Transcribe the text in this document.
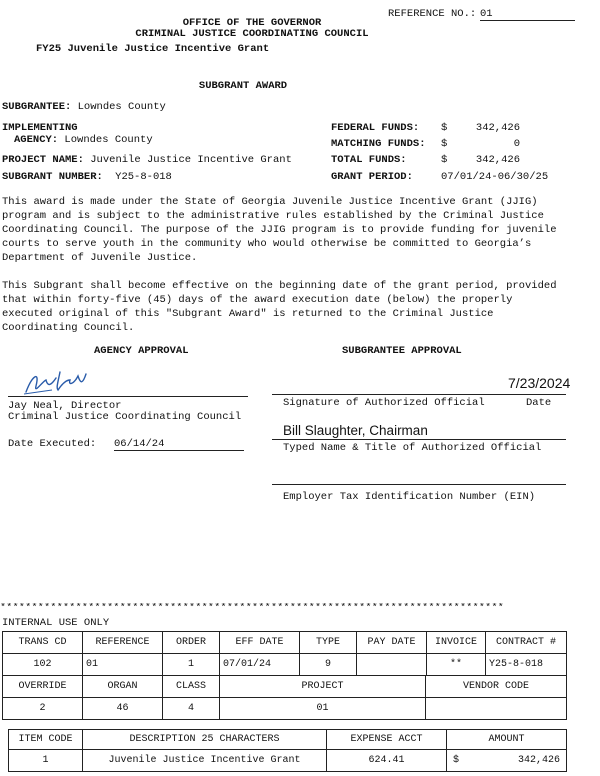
REFERENCE NO.: 01
OFFICE OF THE GOVERNOR
CRIMINAL JUSTICE COORDINATING COUNCIL
FY25 Juvenile Justice Incentive Grant
SUBGRANT AWARD
SUBGRANTEE: Lowndes County
IMPLEMENTING
AGENCY: Lowndes County
PROJECT NAME: Juvenile Justice Incentive Grant
SUBGRANT NUMBER: Y25-8-018
FEDERAL FUNDS: $	342,426
MATCHING FUNDS: $	0
TOTAL FUNDS:	$	342,426
GRANT PERIOD:	07/01/24-06/30/25
This award is made under the State of Georgia Juvenile Justice Incentive Grant (JJIG) program and is subject to the administrative rules established by the Criminal Justice Coordinating Council. The purpose of the JJIG program is to provide funding for juvenile courts to serve youth in the community who would otherwise be committed to Georgia’s Department of Juvenile Justice.
This Subgrant shall become effective on the beginning date of the grant period, provided that within forty-five (45) days of the award execution date (below) the properly executed original of this "Subgrant Award" is returned to the Criminal Justice Coordinating Council.
AGENCY APPROVAL
Jay Neal, Director
Criminal Justice Coordinating Council
Date Executed: 06/14/24
SUBGRANTEE APPROVAL
7/23/2024
Signature of Authorized Official	Date
Bill Slaughter, Chairman
Typed Name & Title of Authorized Official
Employer Tax Identification Number (EIN)
********************************************************************************
INTERNAL USE ONLY
TRANS CD	REFERENCE	ORDER	EFF DATE	TYPE	PAY DATE	INVOICE	CONTRACT #
102	01	1	07/01/24	9		**	Y25-8-018
OVERRIDE	ORGAN	CLASS	PROJECT	VENDOR CODE
2	46	4	01	
ITEM CODE	DESCRIPTION 25 CHARACTERS	EXPENSE ACCT	AMOUNT
1	Juvenile Justice Incentive Grant	624.41	$ 342,426
